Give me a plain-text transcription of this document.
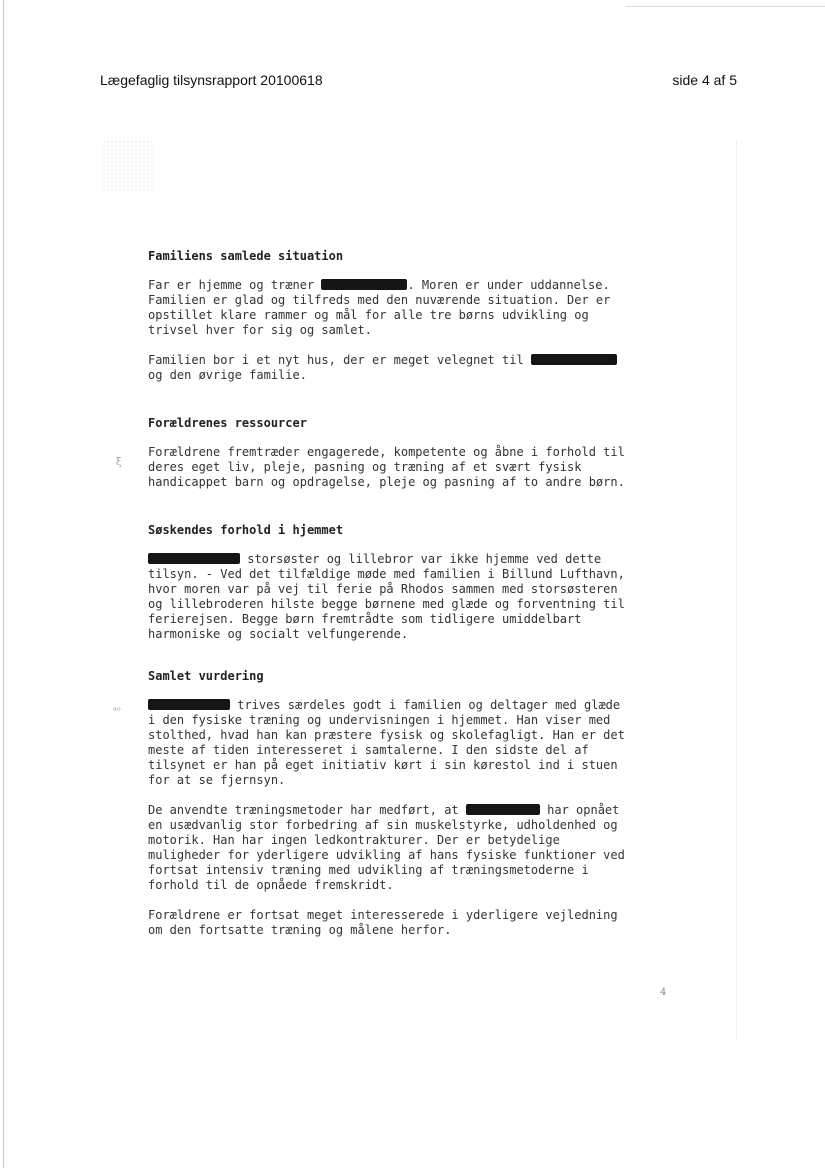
Lægefaglig tilsynsrapport 20100618	side 4 af 5
Familiens samlede situation
Far er hjemme og træner	. Moren er under uddannelse.
Familien er glad og tilfreds med den nuværende situation. Der er
opstillet klare rammer og mål for alle tre børns udvikling og
trivsel hver for sig og samlet.
Familien bor i et nyt hus, der er meget velegnet til
og den øvrige familie.
Forældrenes ressourcer
Forældrene fremtræder engagerede, kompetente og åbne i forhold til
deres eget liv, pleje, pasning og træning af et svært fysisk
handicappet barn og opdragelse, pleje og pasning af to andre børn.
Søskendes forhold i hjemmet
storsøster og lillebror var ikke hjemme ved dette
tilsyn. - Ved det tilfældige møde med familien i Billund Lufthavn,
hvor moren var på vej til ferie på Rhodos sammen med storsøsteren
og lillebroderen hilste begge børnene med glæde og forventning til
ferierejsen. Begge børn fremtrådte som tidligere umiddelbart
harmoniske og socialt velfungerende.
Samlet vurdering
trives særdeles godt i familien og deltager med glæde
i den fysiske træning og undervisningen i hjemmet. Han viser med
stolthed, hvad han kan præstere fysisk og skolefagligt. Han er det
meste af tiden interesseret i samtalerne. I den sidste del af
tilsynet er han på eget initiativ kørt i sin kørestol ind i stuen
for at se fjernsyn.
De anvendte træningsmetoder har medført, at	har opnået
en usædvanlig stor forbedring af sin muskelstyrke, udholdenhed og
motorik. Han har ingen ledkontrakturer. Der er betydelige
muligheder for yderligere udvikling af hans fysiske funktioner ved
fortsat intensiv træning med udvikling af træningsmetoderne i
forhold til de opnåede fremskridt.
Forældrene er fortsat meget interesserede i yderligere vejledning
om den fortsatte træning og målene herfor.
ξ
ᵃᵒ
4
